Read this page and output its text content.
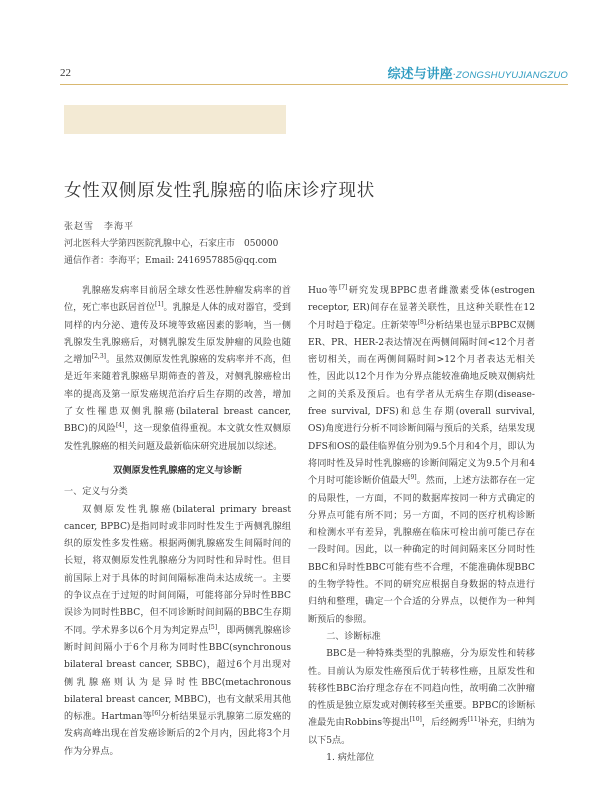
22	综述与讲座·ZONGSHUYUJIANGZUO
女性双侧原发性乳腺癌的临床诊疗现状
张赵雪　李海平
河北医科大学第四医院乳腺中心，石家庄市　050000
通信作者：李海平；Email: 2416957885@qq.com

乳腺癌发病率目前居全球女性恶性肿瘤发病率的首位，死亡率也跃居首位[1]。乳腺是人体的成对器官，受到同样的内分泌、遗传及环境等致癌因素的影响，当一侧乳腺发生乳腺癌后，对侧乳腺发生原发肿瘤的风险也随之增加[2,3]。虽然双侧原发性乳腺癌的发病率并不高，但是近年来随着乳腺癌早期筛查的普及，对侧乳腺癌检出率的提高及第一原发癌规范治疗后生存期的改善，增加了女性罹患双侧乳腺癌(bilateral breast cancer, BBC)的风险[4]，这一现象值得重视。本文就女性双侧原发性乳腺癌的相关问题及最新临床研究进展加以综述。

双侧原发性乳腺癌的定义与诊断

一、定义与分类

双侧原发性乳腺癌(bilateral primary breast cancer, BPBC)是指同时或非同时性发生于两侧乳腺组织的原发性多发性癌。根据两侧乳腺癌发生间隔时间的长短，将双侧原发性乳腺癌分为同时性和异时性。但目前国际上对于具体的时间间隔标准尚未达成统一。主要的争议点在于过短的时间间隔，可能将部分异时性BBC误诊为同时性BBC，但不同诊断时间间隔的BBC生存期不同。学术界多以6个月为判定界点[5]，即两侧乳腺癌诊断时间间隔小于6个月称为同时性BBC(synchronous bilateral breast cancer, SBBC)，超过6个月出现对侧乳腺癌则认为是异时性BBC(metachronous bilateral breast cancer, MBBC)，也有文献采用其他的标准。Hartman等[6]分析结果显示乳腺第二原发癌的发病高峰出现在首发癌诊断后的2个月内，因此将3个月作为分界点。

Huo等[7]研究发现BPBC患者雌激素受体(estrogen receptor, ER)间存在显著关联性，且这种关联性在12个月时趋于稳定。庄新荣等[8]分析结果也显示BPBC双侧ER、PR、HER-2表达情况在两侧间隔时间<12个月者密切相关，而在两侧间隔时间>12个月者表达无相关性，因此以12个月作为分界点能较准确地反映双侧病灶之间的关系及预后。也有学者从无病生存期(disease-free survival, DFS)和总生存期(overall survival, OS)角度进行分析不同诊断间隔与预后的关系，结果发现DFS和OS的最佳临界值分别为9.5个月和4个月，即认为将同时性及异时性乳腺癌的诊断间隔定义为9.5个月和4个月时可能诊断价值最大[9]。然而，上述方法都存在一定的局限性，一方面，不同的数据库按同一种方式确定的分界点可能有所不同；另一方面，不同的医疗机构诊断和检测水平有差异，乳腺癌在临床可检出前可能已存在一段时间。因此，以一种确定的时间间隔来区分同时性BBC和异时性BBC可能有些不合理，不能准确体现BBC的生物学特性。不同的研究应根据自身数据的特点进行归纳和整理，确定一个合适的分界点，以便作为一种判断预后的参照。

二、诊断标准

BBC是一种特殊类型的乳腺癌，分为原发性和转移性。目前认为原发性癌预后优于转移性癌，且原发性和转移性BBC治疗理念存在不同趋向性，故明确二次肿瘤的性质是独立原发或对侧转移至关重要。BPBC的诊断标准最先由Robbins等提出[10]，后经阙秀[11]补充，归纳为以下5点。

1. 病灶部位
